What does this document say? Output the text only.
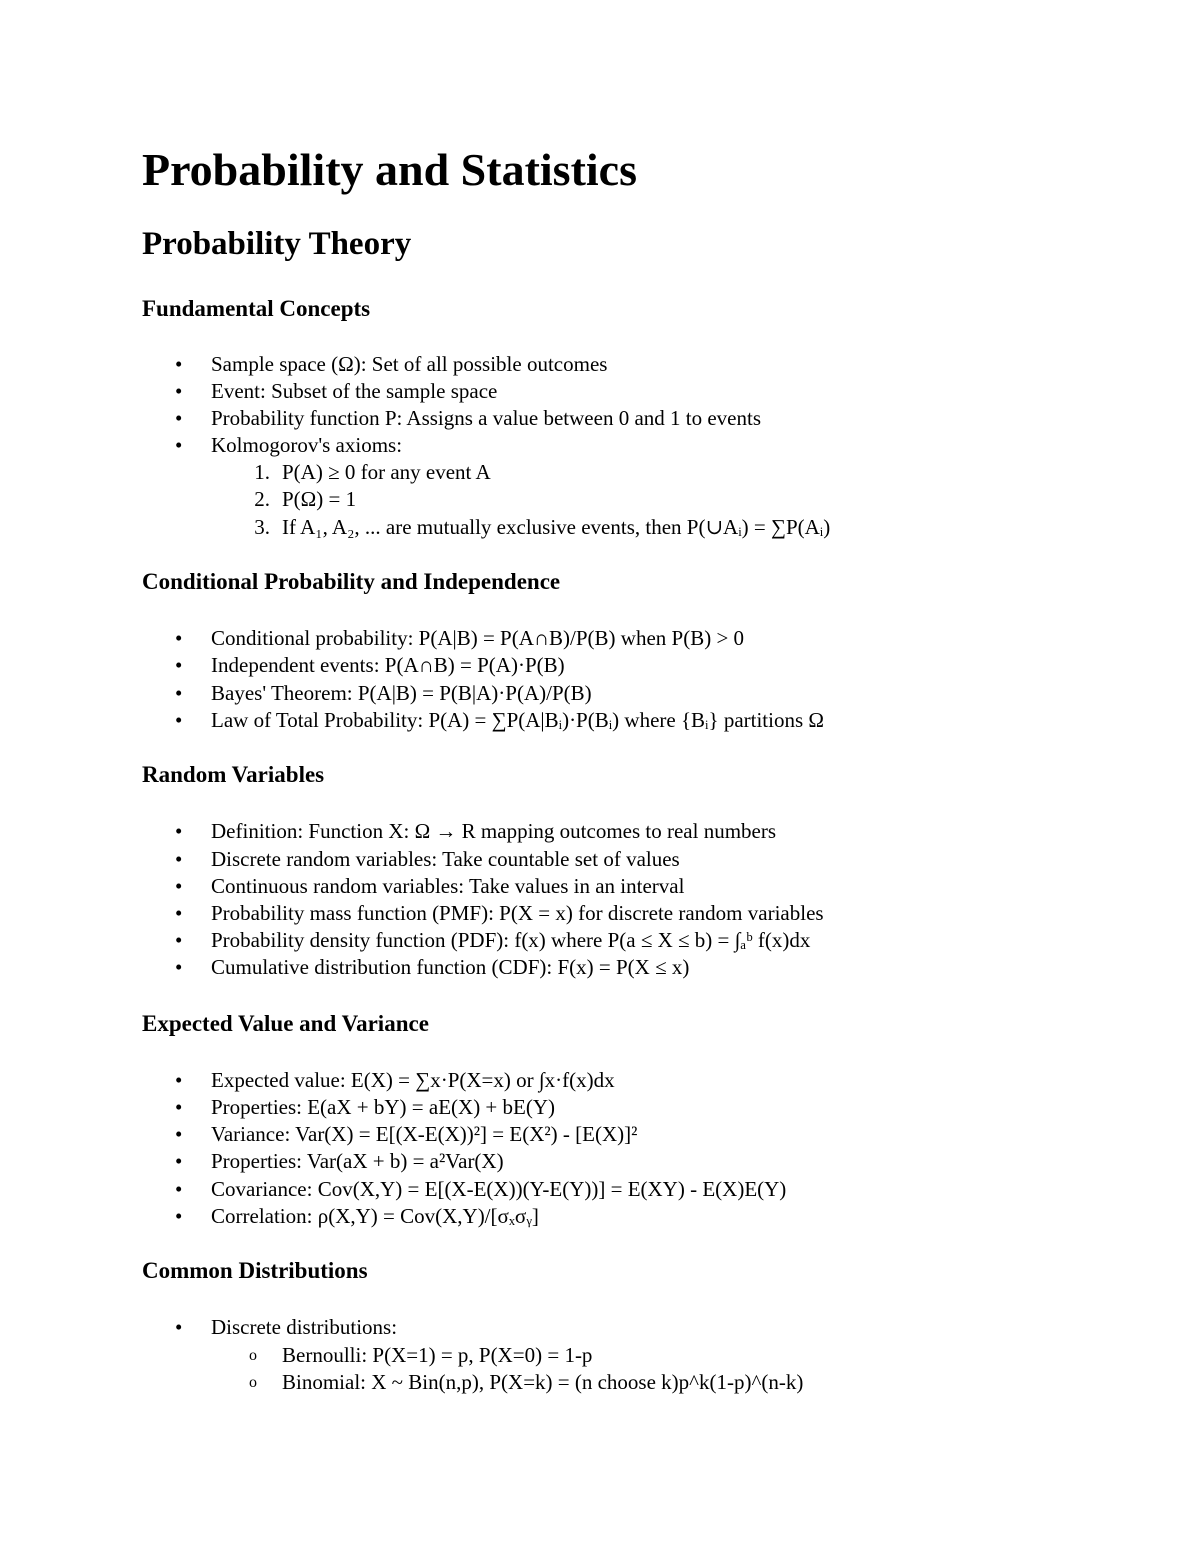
Probability and Statistics
Probability Theory
Fundamental Concepts
• Sample space (Ω): Set of all possible outcomes
• Event: Subset of the sample space
• Probability function P: Assigns a value between 0 and 1 to events
• Kolmogorov's axioms:
1. P(A) ≥ 0 for any event A
2. P(Ω) = 1
3. If A₁, A₂, ... are mutually exclusive events, then P(∪Aᵢ) = ∑P(Aᵢ)
Conditional Probability and Independence
• Conditional probability: P(A|B) = P(A∩B)/P(B) when P(B) > 0
• Independent events: P(A∩B) = P(A)·P(B)
• Bayes' Theorem: P(A|B) = P(B|A)·P(A)/P(B)
• Law of Total Probability: P(A) = ∑P(A|Bᵢ)·P(Bᵢ) where {Bᵢ} partitions Ω
Random Variables
• Definition: Function X: Ω → R mapping outcomes to real numbers
• Discrete random variables: Take countable set of values
• Continuous random variables: Take values in an interval
• Probability mass function (PMF): P(X = x) for discrete random variables
• Probability density function (PDF): f(x) where P(a ≤ X ≤ b) = ∫ₐᵇ f(x)dx
• Cumulative distribution function (CDF): F(x) = P(X ≤ x)
Expected Value and Variance
• Expected value: E(X) = ∑x·P(X=x) or ∫x·f(x)dx
• Properties: E(aX + bY) = aE(X) + bE(Y)
• Variance: Var(X) = E[(X-E(X))²] = E(X²) - [E(X)]²
• Properties: Var(aX + b) = a²Var(X)
• Covariance: Cov(X,Y) = E[(X-E(X))(Y-E(Y))] = E(XY) - E(X)E(Y)
• Correlation: ρ(X,Y) = Cov(X,Y)/[σₓσᵧ]
Common Distributions
• Discrete distributions:
o Bernoulli: P(X=1) = p, P(X=0) = 1-p
o Binomial: X ~ Bin(n,p), P(X=k) = (n choose k)p^k(1-p)^(n-k)
